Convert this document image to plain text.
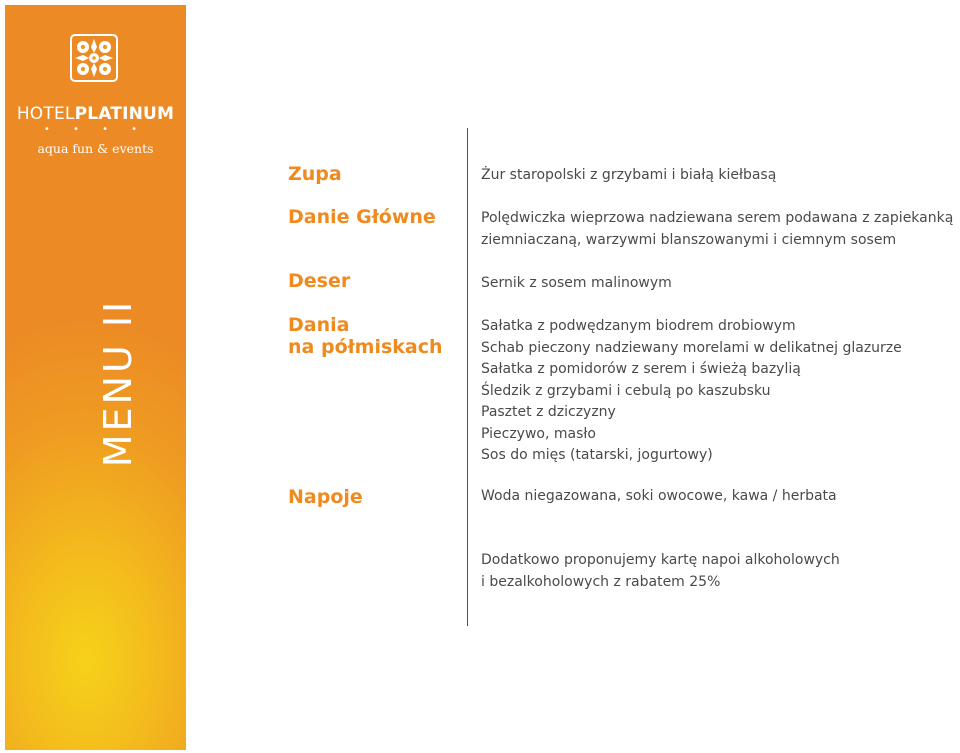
HOTELPLATINUM
• • • •
aqua fun & events
MENU II
Zupa
Danie Główne
Deser
Dania
na półmiskach
Napoje
Żur staropolski z grzybami i białą kiełbasą
Polędwiczka wieprzowa nadziewana serem podawana z zapiekanką
ziemniaczaną, warzywmi blanszowanymi i ciemnym sosem
Sernik z sosem malinowym
Sałatka z podwędzanym biodrem drobiowym
Schab pieczony nadziewany morelami w delikatnej glazurze
Sałatka z pomidorów z serem i świeżą bazylią
Śledzik z grzybami i cebulą po kaszubsku
Pasztet z dziczyzny
Pieczywo, masło
Sos do mięs (tatarski, jogurtowy)
Woda niegazowana, soki owocowe, kawa / herbata
Dodatkowo proponujemy kartę napoi alkoholowych
i bezalkoholowych z rabatem 25%
